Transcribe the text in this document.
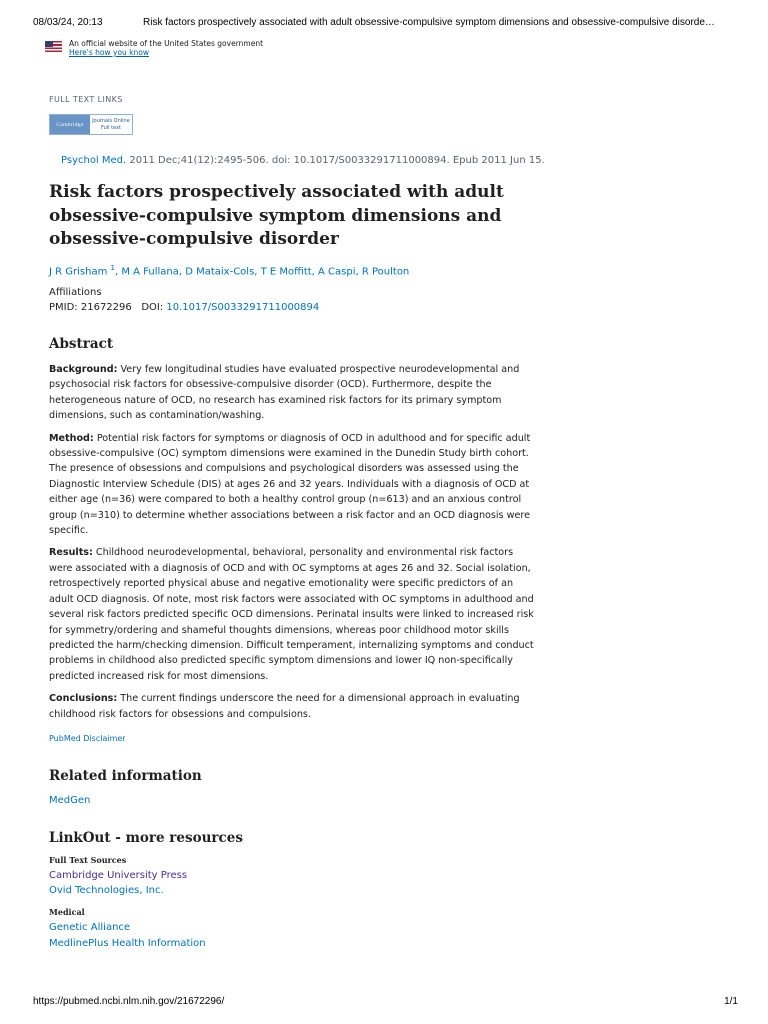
08/03/24, 20:13	Risk factors prospectively associated with adult obsessive-compulsive symptom dimensions and obsessive-compulsive disorde…
An official website of the United States government
Here's how you know
FULL TEXT LINKS
Cambridge
Journals Online
Full text
Psychol Med. 2011 Dec;41(12):2495-506. doi: 10.1017/S0033291711000894. Epub 2011 Jun 15.
Risk factors prospectively associated with adult obsessive-compulsive symptom dimensions and obsessive-compulsive disorder
J R Grisham $^1$, M A Fullana, D Mataix-Cols, T E Moffitt, A Caspi, R Poulton
Affiliations
PMID: 21672296 DOI: 10.1017/S0033291711000894
Abstract

Background: Very few longitudinal studies have evaluated prospective neurodevelopmental and psychosocial risk factors for obsessive-compulsive disorder (OCD). Furthermore, despite the heterogeneous nature of OCD, no research has examined risk factors for its primary symptom dimensions, such as contamination/washing.

Method: Potential risk factors for symptoms or diagnosis of OCD in adulthood and for specific adult obsessive-compulsive (OC) symptom dimensions were examined in the Dunedin Study birth cohort. The presence of obsessions and compulsions and psychological disorders was assessed using the Diagnostic Interview Schedule (DIS) at ages 26 and 32 years. Individuals with a diagnosis of OCD at either age (n=36) were compared to both a healthy control group (n=613) and an anxious control group (n=310) to determine whether associations between a risk factor and an OCD diagnosis were specific.

Results: Childhood neurodevelopmental, behavioral, personality and environmental risk factors were associated with a diagnosis of OCD and with OC symptoms at ages 26 and 32. Social isolation, retrospectively reported physical abuse and negative emotionality were specific predictors of an adult OCD diagnosis. Of note, most risk factors were associated with OC symptoms in adulthood and several risk factors predicted specific OCD dimensions. Perinatal insults were linked to increased risk for symmetry/ordering and shameful thoughts dimensions, whereas poor childhood motor skills predicted the harm/checking dimension. Difficult temperament, internalizing symptoms and conduct problems in childhood also predicted specific symptom dimensions and lower IQ non-specifically predicted increased risk for most dimensions.

Conclusions: The current findings underscore the need for a dimensional approach in evaluating childhood risk factors for obsessions and compulsions.

PubMed Disclaimer
Related information
MedGen
LinkOut - more resources
Full Text Sources
Cambridge University Press
Ovid Technologies, Inc.
Medical
Genetic Alliance
MedlinePlus Health Information
https://pubmed.ncbi.nlm.nih.gov/21672296/	1/1
